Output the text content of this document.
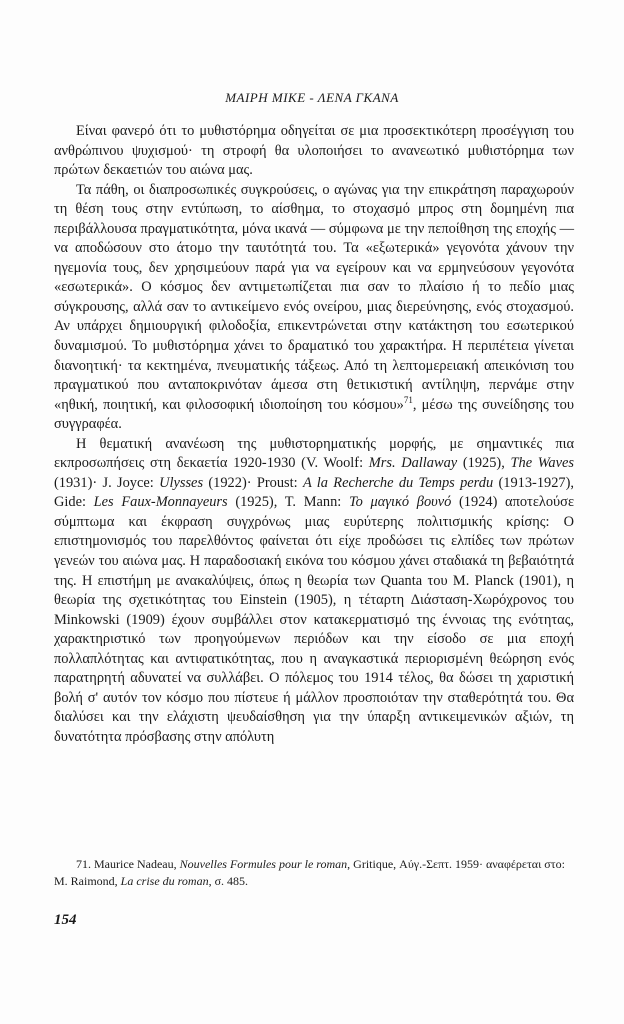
ΜΑΙΡΗ ΜΙΚΕ - ΛΕΝΑ ΓΚΑΝΑ

Είναι φανερό ότι το μυθιστόρημα οδηγείται σε μια προσεκτικότερη προσέγγιση του ανθρώπινου ψυχισμού· τη στροφή θα υλοποιήσει το ανανεωτικό μυθιστόρημα των πρώτων δεκαετιών του αιώνα μας.

Τα πάθη, οι διαπροσωπικές συγκρούσεις, ο αγώνας για την επικράτηση παραχωρούν τη θέση τους στην εντύπωση, το αίσθημα, το στοχασμό μπρος στη δομημένη πια περιβάλλουσα πραγματικότητα, μόνα ικανά — σύμφωνα με την πεποίθηση της εποχής — να αποδώσουν στο άτομο την ταυτότητά του. Τα «εξωτερικά» γεγονότα χάνουν την ηγεμονία τους, δεν χρησιμεύουν παρά για να εγείρουν και να ερμηνεύσουν γεγονότα «εσωτερικά». Ο κόσμος δεν αντιμετωπίζεται πια σαν το πλαίσιο ή το πεδίο μιας σύγκρουσης, αλλά σαν το αντικείμενο ενός ονείρου, μιας διερεύνησης, ενός στοχασμού. Αν υπάρχει δημιουργική φιλοδοξία, επικεντρώνεται στην κατάκτηση του εσωτερικού δυναμισμού. Το μυθιστόρημα χάνει το δραματικό του χαρακτήρα. Η περιπέτεια γίνεται διανοητική· τα κεκτημένα, πνευματικής τάξεως. Από τη λεπτομερειακή απεικόνιση του πραγματικού που ανταποκρινόταν άμεσα στη θετικιστική αντίληψη, περνάμε στην «ηθική, ποιητική, και φιλοσοφική ιδιοποίηση του κόσμου»$^{71}$, μέσω της συνείδησης του συγγραφέα.

Η θεματική ανανέωση της μυθιστορηματικής μορφής, με σημαντικές πια εκπροσωπήσεις στη δεκαετία 1920-1930 (V. Woolf: Mrs. Dallaway (1925), The Waves (1931)· J. Joyce: Ulysses (1922)· Proust: A la Recherche du Temps perdu (1913-1927), Gide: Les Faux-Monnayeurs (1925), T. Mann: Το μαγικό βουνό (1924) αποτελούσε σύμπτωμα και έκφραση συγχρόνως μιας ευρύτερης πολιτισμικής κρίσης: Ο επιστημονισμός του παρελθόντος φαίνεται ότι είχε προδώσει τις ελπίδες των πρώτων γενεών του αιώνα μας. Η παραδοσιακή εικόνα του κόσμου χάνει σταδιακά τη βεβαιότητά της. Η επιστήμη με ανακαλύψεις, όπως η θεωρία των Quanta του M. Planck (1901), η θεωρία της σχετικότητας του Einstein (1905), η τέταρτη Διάσταση-Χωρόχρονος του Minkowski (1909) έχουν συμβάλλει στον κατακερματισμό της έννοιας της ενότητας, χαρακτηριστικό των προηγούμενων περιόδων και την είσοδο σε μια εποχή πολλαπλότητας και αντιφατικότητας, που η αναγκαστικά περιορισμένη θεώρηση ενός παρατηρητή αδυνατεί να συλλάβει. Ο πόλεμος του 1914 τέλος, θα δώσει τη χαριστική βολή σ' αυτόν τον κόσμο που πίστευε ή μάλλον προσποιόταν την σταθερότητά του. Θα διαλύσει και την ελάχιστη ψευδαίσθηση για την ύπαρξη αντικειμενικών αξιών, τη δυνατότητα πρόσβασης στην απόλυτη

71. Maurice Nadeau, Nouvelles Formules pour le roman, Gritique, Αύγ.-Σεπτ. 1959· αναφέρεται στο: M. Raimond, La crise du roman, σ. 485.

154
